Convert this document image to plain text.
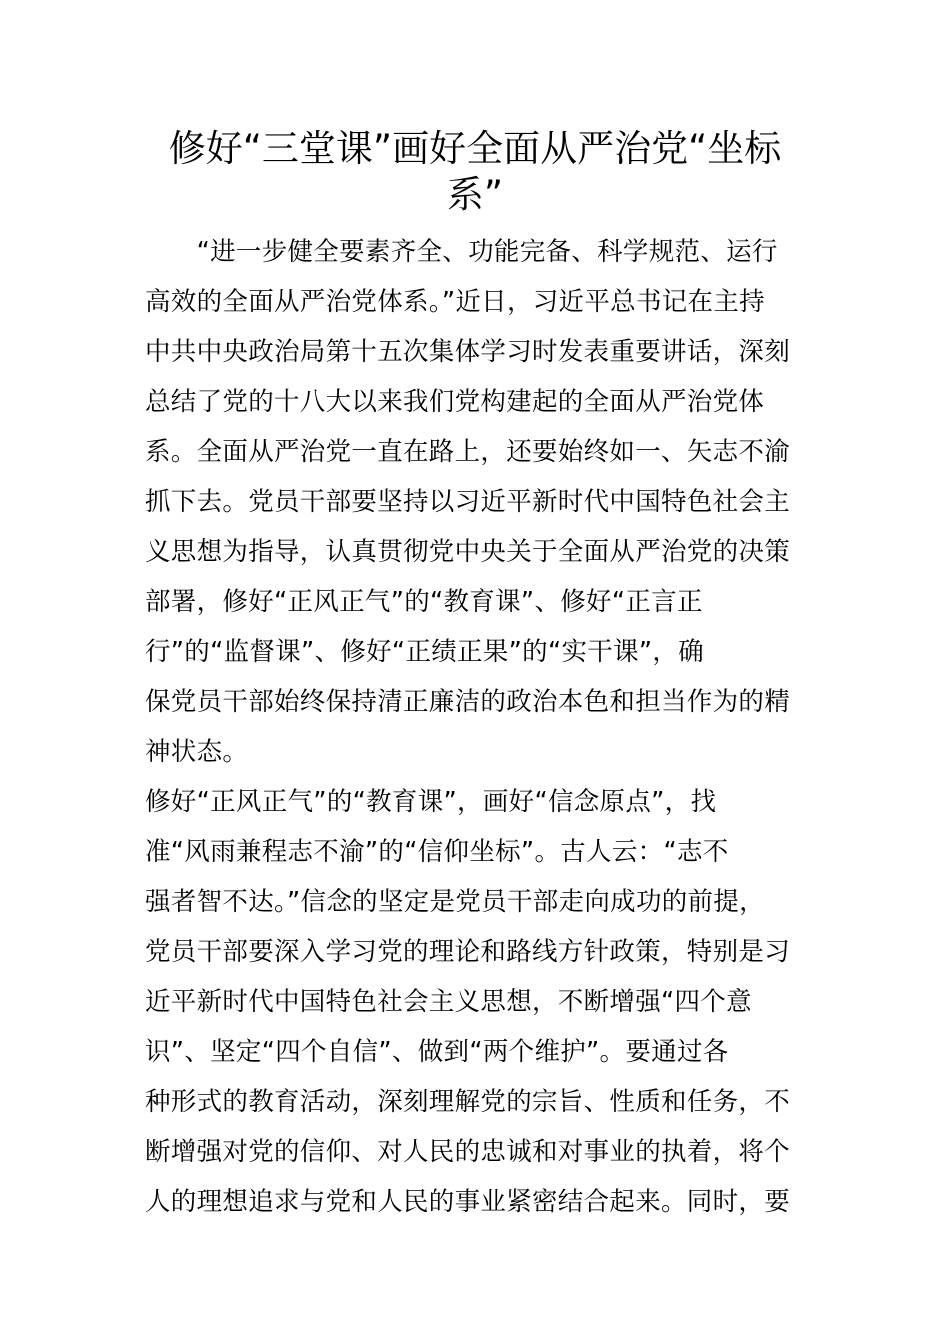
修好“三堂课”画好全面从严治党“坐标
系”
　　“进一步健全要素齐全、功能完备、科学规范、运行
高效的全面从严治党体系。”近日，习近平总书记在主持
中共中央政治局第十五次集体学习时发表重要讲话，深刻
总结了党的十八大以来我们党构建起的全面从严治党体
系。全面从严治党一直在路上，还要始终如一、矢志不渝
抓下去。党员干部要坚持以习近平新时代中国特色社会主
义思想为指导，认真贯彻党中央关于全面从严治党的决策
部署，修好“正风正气”的“教育课”、修好“正言正
行”的“监督课”、修好“正绩正果”的“实干课”，确
保党员干部始终保持清正廉洁的政治本色和担当作为的精
神状态。
修好“正风正气”的“教育课”，画好“信念原点”，找
准“风雨兼程志不渝”的“信仰坐标”。古人云：“志不
强者智不达。”信念的坚定是党员干部走向成功的前提，
党员干部要深入学习党的理论和路线方针政策，特别是习
近平新时代中国特色社会主义思想，不断增强“四个意
识”、坚定“四个自信”、做到“两个维护”。要通过各
种形式的教育活动，深刻理解党的宗旨、性质和任务，不
断增强对党的信仰、对人民的忠诚和对事业的执着，将个
人的理想追求与党和人民的事业紧密结合起来。同时，要
